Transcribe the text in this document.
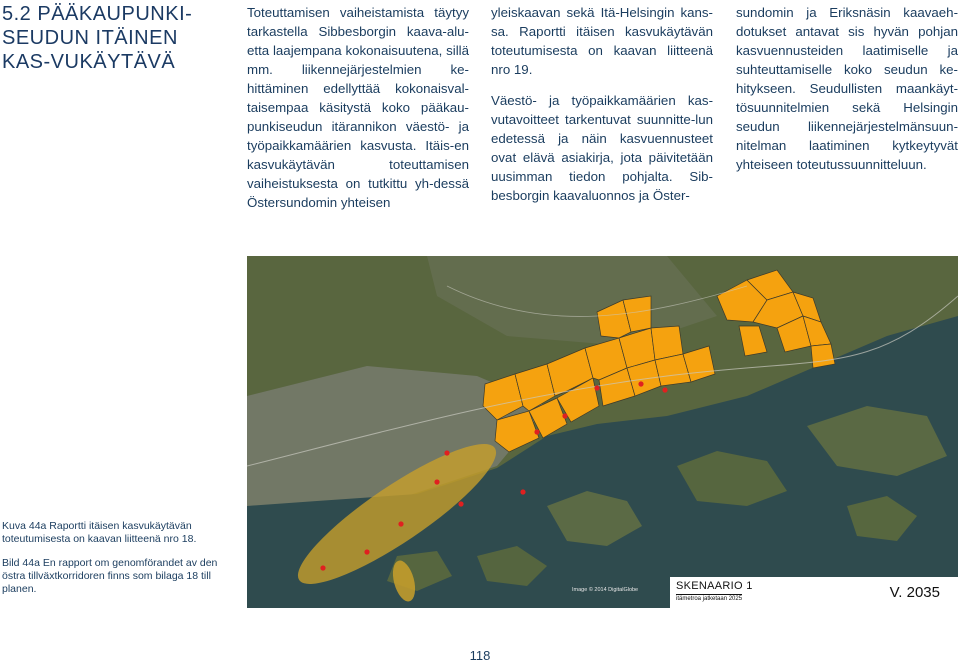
5.2 PÄÄKAUPUNKI-SEUDUN ITÄINEN KAS-VUKÄYTÄVÄ

Toteuttamisen vaiheistamista täytyy tarkastella Sibbesborgin kaava-alu-etta laajempana kokonaisuutena, sillä mm. liikennejärjestelmien ke-hittäminen edellyttää kokonaisval-taisempaa käsitystä koko pääkau-punkiseudun itärannikon väestö- ja työpaikkamäärien kasvusta. Itäis-en kasvukäytävän toteuttamisen vaiheistuksesta on tutkittu yh-dessä Östersundomin yhteisen

yleiskaavan sekä Itä-Helsingin kans-sa. Raportti itäisen kasvukäytävän toteutumisesta on kaavan liitteenä nro 19.

Väestö- ja työpaikkamäärien kas-vutavoitteet tarkentuvat suunnitte-lun edetessä ja näin kasvuennusteet ovat elävä asiakirja, jota päivitetään uusimman tiedon pohjalta. Sib-besborgin kaavaluonnos ja Öster-

sundomin ja Eriksnäsin kaavaeh-dotukset antavat sis hyvän pohjan kasvuennusteiden laatimiselle ja suhteuttamiselle koko seudun ke-hitykseen. Seudullisten maankäyt-tösuunnitelmien sekä Helsingin seudun liikennejärjestelmänsuun-nitelman laatiminen kytkeytyvät yhteiseen toteutussuunnitteluun.

Kuva 44a Raportti itäisen kasvukäytävän toteutumisesta on kaavan liitteenä nro 18.

Bild 44a En rapport om genomförandet av den östra tillväxtkorridoren finns som bilaga 18 till planen.	Image © 2014 DigitalGlobe	SKENAARIO 1
itämetroa jatketaan 2025	V. 2035
118
